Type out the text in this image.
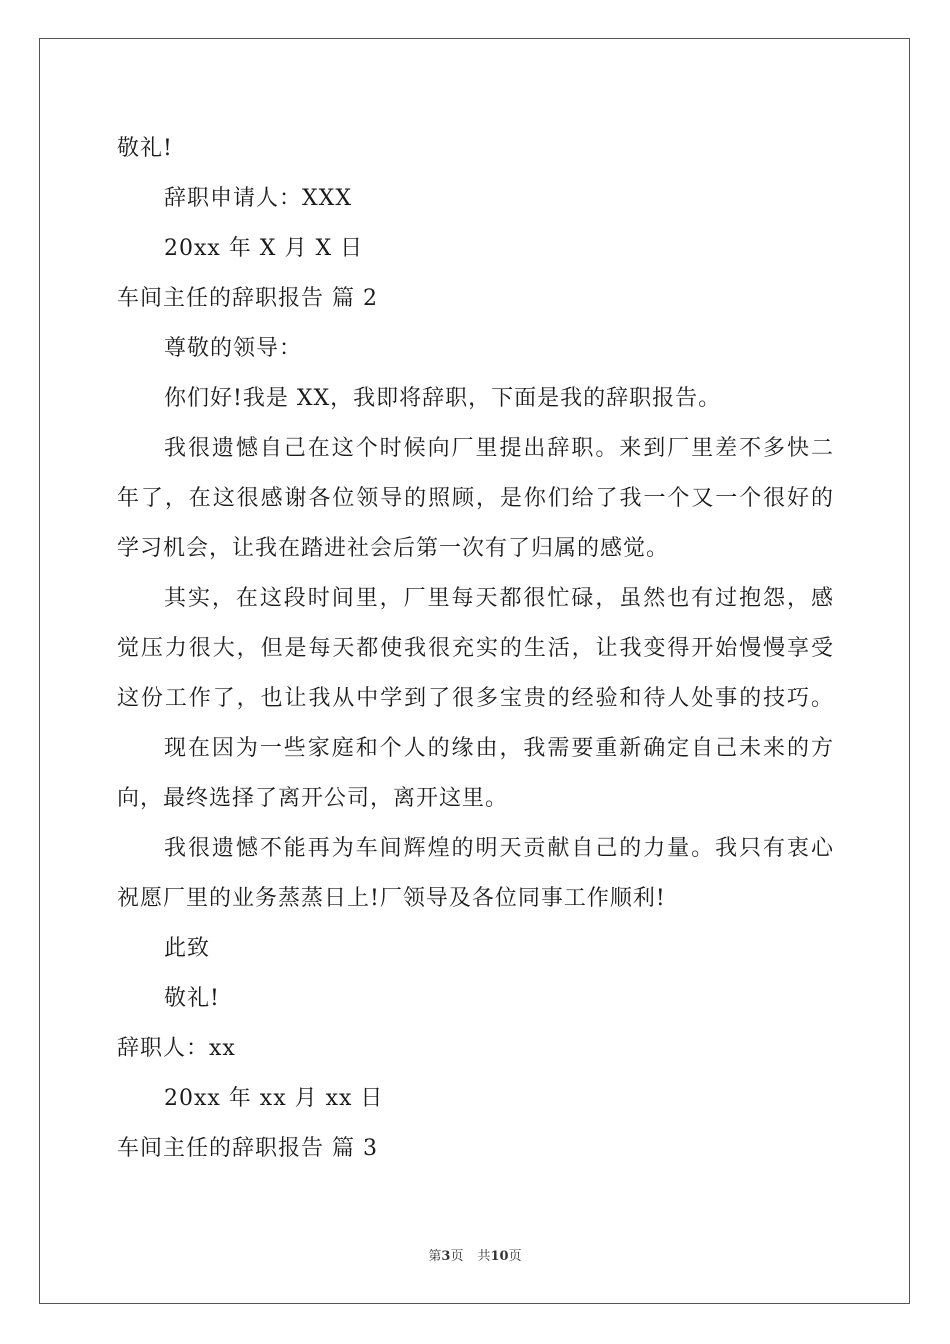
敬礼!
辞职申请人：XXX
20xx 年 X 月 X 日
车间主任的辞职报告 篇 2
尊敬的领导：
你们好!我是 XX，我即将辞职，下面是我的辞职报告。
我很遗憾自己在这个时候向厂里提出辞职。来到厂里差不多快二
年了，在这很感谢各位领导的照顾，是你们给了我一个又一个很好的
学习机会，让我在踏进社会后第一次有了归属的感觉。
其实，在这段时间里，厂里每天都很忙碌，虽然也有过抱怨，感
觉压力很大，但是每天都使我很充实的生活，让我变得开始慢慢享受
这份工作了，也让我从中学到了很多宝贵的经验和待人处事的技巧。
现在因为一些家庭和个人的缘由，我需要重新确定自己未来的方
向，最终选择了离开公司，离开这里。
我很遗憾不能再为车间辉煌的明天贡献自己的力量。我只有衷心
祝愿厂里的业务蒸蒸日上!厂领导及各位同事工作顺利!
此致
敬礼!
辞职人：xx
20xx 年 xx 月 xx 日
车间主任的辞职报告 篇 3
第3页 共10页
